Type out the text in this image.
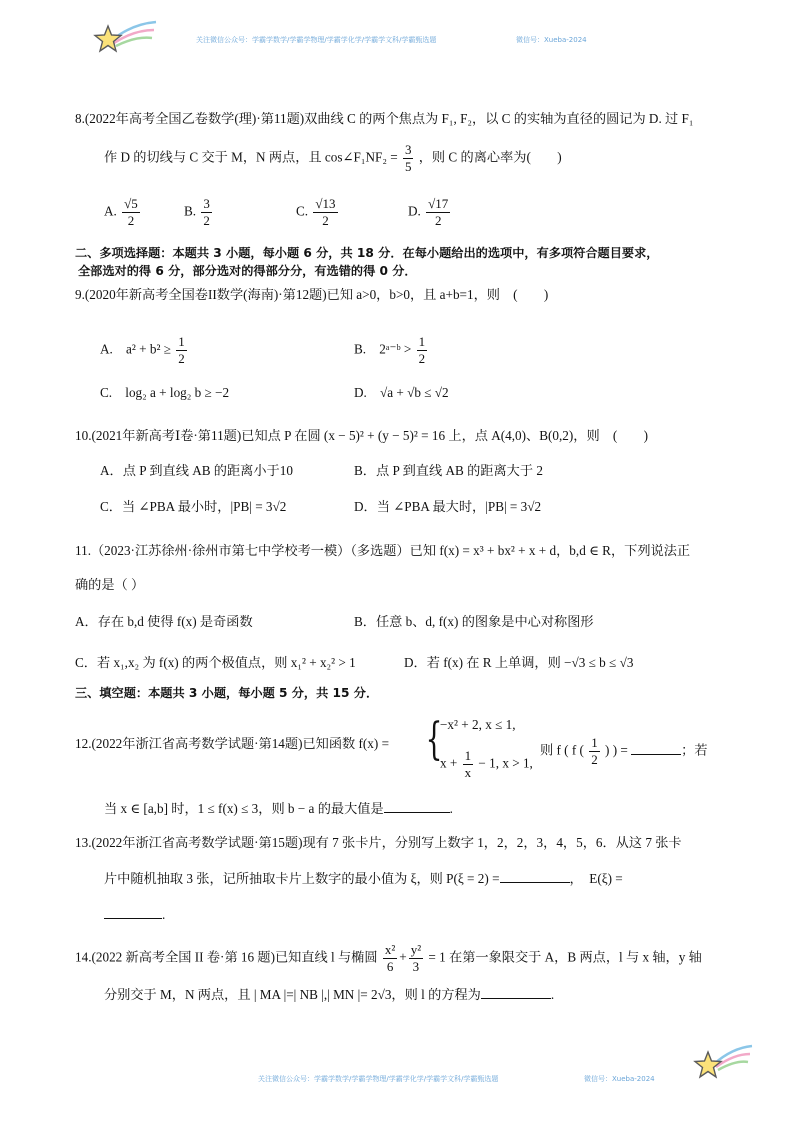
关注微信公众号：学霸学数学/学霸学物理/学霸学化学/学霸学文科/学霸甄选题	微信号：Xueba-2024
8.(2022年高考全国乙卷数学(理)·第11题)双曲线 C 的两个焦点为 F₁, F₂，以 C 的实轴为直径的圆记为 D. 过 F₁
作 D 的切线与 C 交于 M，N 两点，且 cos∠F₁NF₂ = $\frac{3}{5}$ ，则 C 的离心率为(　　)
A. $\frac{√5}{2}$	B. $\frac{3}{2}$	C. $\frac{√13}{2}$	D. $\frac{√17}{2}$
二、多项选择题：本题共 3 小题，每小题 6 分，共 18 分．在每小题给出的选项中，有多项符合题目要求，
全部选对的得 6 分，部分选对的得部分分，有选错的得 0 分．
9.(2020年新高考全国卷II数学(海南)·第12题)已知 a>0，b>0，且 a+b=1，则　(　　)
A.　$a^2 + b^2 \ge \frac{1}{2}$	B.　2ᵃ⁻ᵇ > $\frac{1}{2}$
C.　log₂ a + log₂ b ≥ −2	D.　√a + √b ≤ √2
10.(2021年新高考Ⅰ卷·第11题)已知点 P 在圆 (x − 5)² + (y − 5)² = 16 上，点 A(4,0)、B(0,2)，则　(　　)
A．点 P 到直线 AB 的距离小于10	B．点 P 到直线 AB 的距离大于 2
C．当 ∠PBA 最小时，|PB| = 3√2	D．当 ∠PBA 最大时，|PB| = 3√2
11.（2023·江苏徐州·徐州市第七中学校考一模）（多选题）已知 f(x) = x³ + bx² + x + d，b,d ∈ R，下列说法正
确的是（ ）
A．存在 b,d 使得 f(x) 是奇函数	B．任意 b、d, f(x) 的图象是中心对称图形
C．若 x₁,x₂ 为 f(x) 的两个极值点，则 x₁² + x₂² > 1	D．若 f(x) 在 R 上单调，则 −√3 ≤ b ≤ √3
三、填空题：本题共 3 小题，每小题 5 分，共 15 分．
12.(2022年浙江省高考数学试题·第14题)已知函数 f(x) = {
−x² + 2, x ≤ 1,
$x + \frac{1}{x} - 1$, x > 1,
则 f ( f ( $\frac{1}{2}$ ) ) =	；若
当 x ∈ [a,b] 时，1 ≤ f(x) ≤ 3，则 b − a 的最大值是	.
13.(2022年浙江省高考数学试题·第15题)现有 7 张卡片，分别写上数字 1，2，2，3，4，5，6．从这 7 张卡
片中随机抽取 3 张，记所抽取卡片上数字的最小值为 ξ，则 P(ξ = 2) =	，　E(ξ) =
.
14.(2022 新高考全国 II 卷·第 16 题)已知直线 l 与椭圆 $\frac{\text{x²}}{6} + \frac{\text{y²}}{3} = 1$ 在第一象限交于 A，B 两点，l 与 x 轴，y 轴
分别交于 M，N 两点，且 | MA |=| NB |,| MN |= 2√3，则 l 的方程为	.
关注微信公众号：学霸学数学/学霸学物理/学霸学化学/学霸学文科/学霸甄选题	微信号：Xueba-2024
